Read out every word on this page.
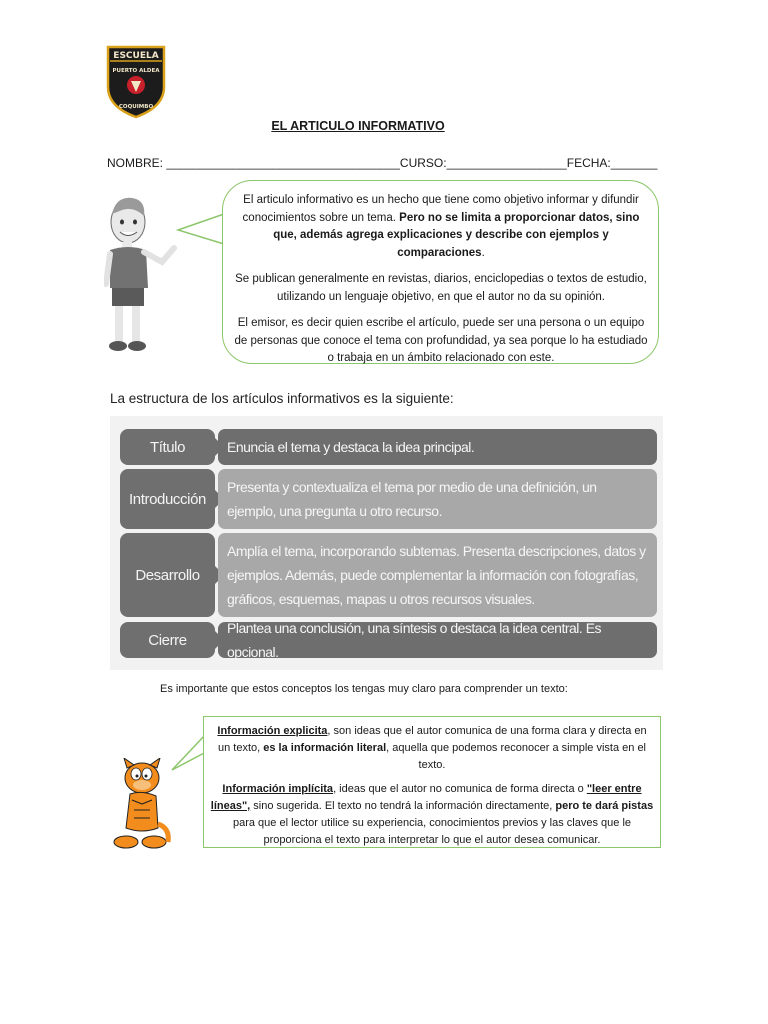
ESCUELA
PUERTO ALDEA
COQUIMBO
EL ARTICULO INFORMATIVO
NOMBRE: ___________________________________CURSO:__________________FECHA:_______

El articulo informativo es un hecho que tiene como objetivo informar y difundir conocimientos sobre un tema. Pero no se limita a proporcionar datos, sino que, además agrega explicaciones y describe con ejemplos y comparaciones.

Se publican generalmente en revistas, diarios, enciclopedias o textos de estudio, utilizando un lenguaje objetivo, en que el autor no da su opinión.

El emisor, es decir quien escribe el artículo, puede ser una persona o un equipo de personas que conoce el tema con profundidad, ya sea porque lo ha estudiado o trabaja en un ámbito relacionado con este.

La estructura de los artículos informativos es la siguiente:
Título	Enuncia el tema y destaca la idea principal.
Introducción
Presenta y contextualiza el tema por medio de una definición, un ejemplo, una pregunta u otro recurso.
Desarrollo
Amplía el tema, incorporando subtemas. Presenta descripciones, datos y ejemplos. Además, puede complementar la información con fotografías, gráficos, esquemas, mapas u otros recursos visuales.
Cierre
Plantea una conclusión, una síntesis o destaca la idea central. Es opcional.
Es importante que estos conceptos los tengas muy claro para comprender un texto:

Información explicita, son ideas que el autor comunica de una forma clara y directa en un texto, es la información literal, aquella que podemos reconocer a simple vista en el texto.

Información implícita, ideas que el autor no comunica de forma directa o "leer entre líneas", sino sugerida. El texto no tendrá la información directamente, pero te dará pistas para que el lector utilice su experiencia, conocimientos previos y las claves que le proporciona el texto para interpretar lo que el autor desea comunicar.
